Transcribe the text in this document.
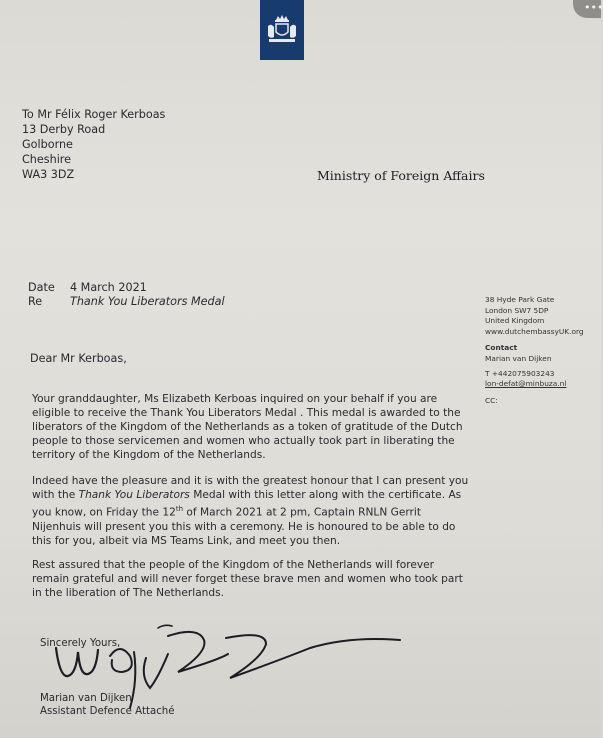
•••
To Mr Félix Roger Kerboas
13 Derby Road
Golborne
Cheshire
WA3 3DZ	Ministry of Foreign Affairs
Date 4 March 2021
Re Thank You Liberators Medal	38 Hyde Park Gate
London SW7 5DP
United Kingdom
www.dutchembassyUK.org
Contact
Marian van Dijken
T +442075903243
lon-defat@minbuza.nl
CC:
Dear Mr Kerboas,
Your granddaughter, Ms Elizabeth Kerboas inquired on your behalf if you are
eligible to receive the Thank You Liberators Medal . This medal is awarded to the
liberators of the Kingdom of the Netherlands as a token of gratitude of the Dutch
people to those servicemen and women who actually took part in liberating the
territory of the Kingdom of the Netherlands.
Indeed have the pleasure and it is with the greatest honour that I can present you
with the Thank You Liberators Medal with this letter along with the certificate. As
you know, on Friday the 12th of March 2021 at 2 pm, Captain RNLN Gerrit
Nijenhuis will present you this with a ceremony. He is honoured to be able to do
this for you, albeit via MS Teams Link, and meet you then.
Rest assured that the people of the Kingdom of the Netherlands will forever
remain grateful and will never forget these brave men and women who took part
in the liberation of The Netherlands.
Sincerely Yours,
Marian van Dijken
Assistant Defence Attaché
